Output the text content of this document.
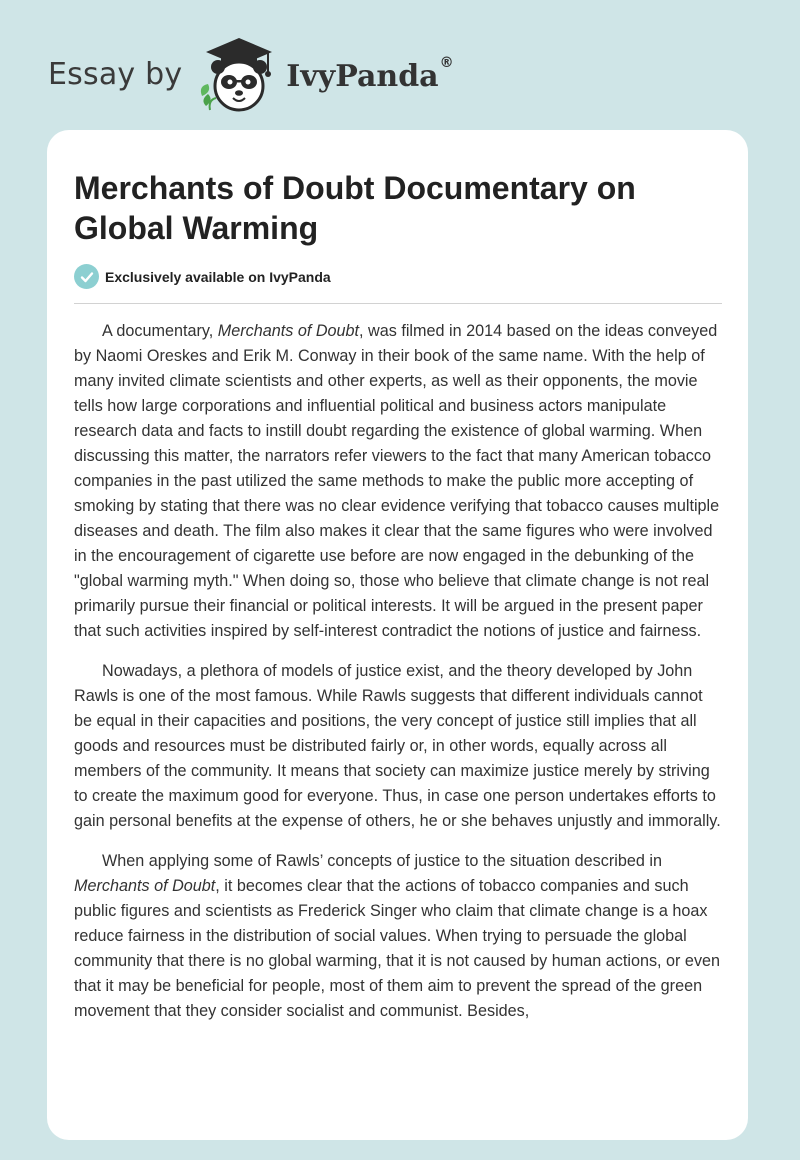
Essay by	IvyPanda®
Merchants of Doubt Documentary on Global Warming
Exclusively available on IvyPanda

A documentary, Merchants of Doubt, was filmed in 2014 based on the ideas conveyed by Naomi Oreskes and Erik M. Conway in their book of the same name. With the help of many invited climate scientists and other experts, as well as their opponents, the movie tells how large corporations and influential political and business actors manipulate research data and facts to instill doubt regarding the existence of global warming. When discussing this matter, the narrators refer viewers to the fact that many American tobacco companies in the past utilized the same methods to make the public more accepting of smoking by stating that there was no clear evidence verifying that tobacco causes multiple diseases and death. The film also makes it clear that the same figures who were involved in the encouragement of cigarette use before are now engaged in the debunking of the "global warming myth." When doing so, those who believe that climate change is not real primarily pursue their financial or political interests. It will be argued in the present paper that such activities inspired by self-interest contradict the notions of justice and fairness.

Nowadays, a plethora of models of justice exist, and the theory developed by John Rawls is one of the most famous. While Rawls suggests that different individuals cannot be equal in their capacities and positions, the very concept of justice still implies that all goods and resources must be distributed fairly or, in other words, equally across all members of the community. It means that society can maximize justice merely by striving to create the maximum good for everyone. Thus, in case one person undertakes efforts to gain personal benefits at the expense of others, he or she behaves unjustly and immorally.

When applying some of Rawls’ concepts of justice to the situation described in Merchants of Doubt, it becomes clear that the actions of tobacco companies and such public figures and scientists as Frederick Singer who claim that climate change is a hoax reduce fairness in the distribution of social values. When trying to persuade the global community that there is no global warming, that it is not caused by human actions, or even that it may be beneficial for people, most of them aim to prevent the spread of the green movement that they consider socialist and communist. Besides,
